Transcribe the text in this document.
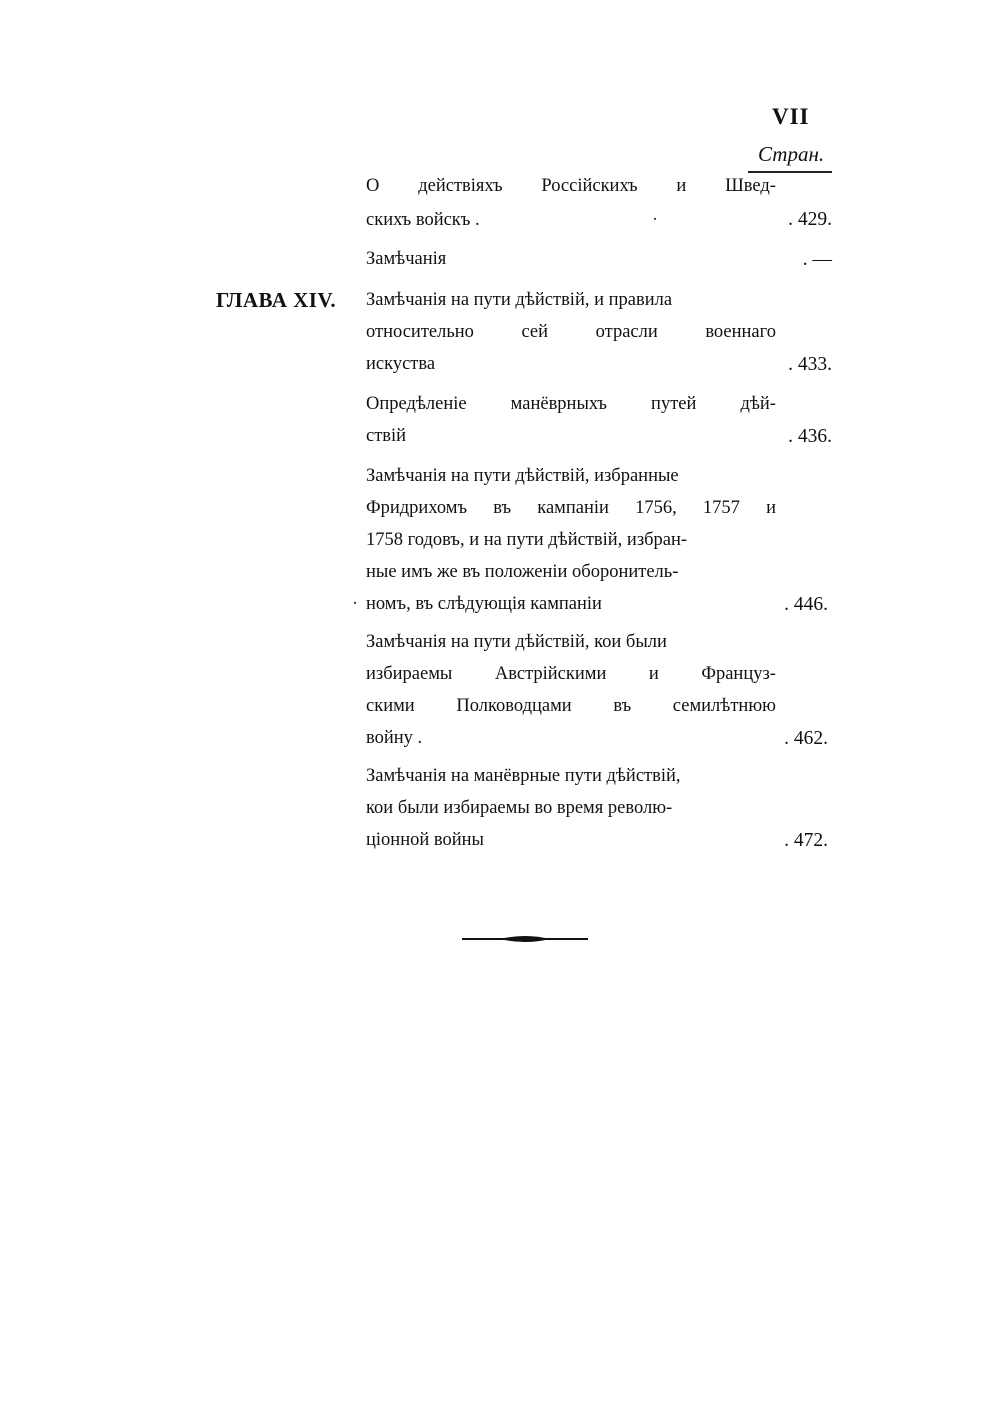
VII
Стран.
ГЛАВА XIV.
О действіяхъ Россійскихъ и Швед-
скихъ войскъ .	·	. 429.
Замѣчанія	. —
Замѣчанія на пути дѣйствій, и правила
относительно	сей	отрасли	военнаго
искуства	. 433.
Опредѣленіе манёврныхъ путей дѣй-
ствій	. 436.
Замѣчанія на пути дѣйствій, избранные
Фридрихомъ въ кампаніи 1756, 1757 и
1758 годовъ, и на пути дѣйствій, избран-
ные имъ же въ положеніи оборонитель-
· номъ, въ слѣдующія кампаніи	. 446.
Замѣчанія на пути дѣйствій, кои были
избираемы Австрійскими и Француз-
скими Полководцами въ семилѣтнюю
войну .	. 462.
Замѣчанія на манёврные пути дѣйствій,
кои были избираемы во время револю-
ціонной войны	. 472.
